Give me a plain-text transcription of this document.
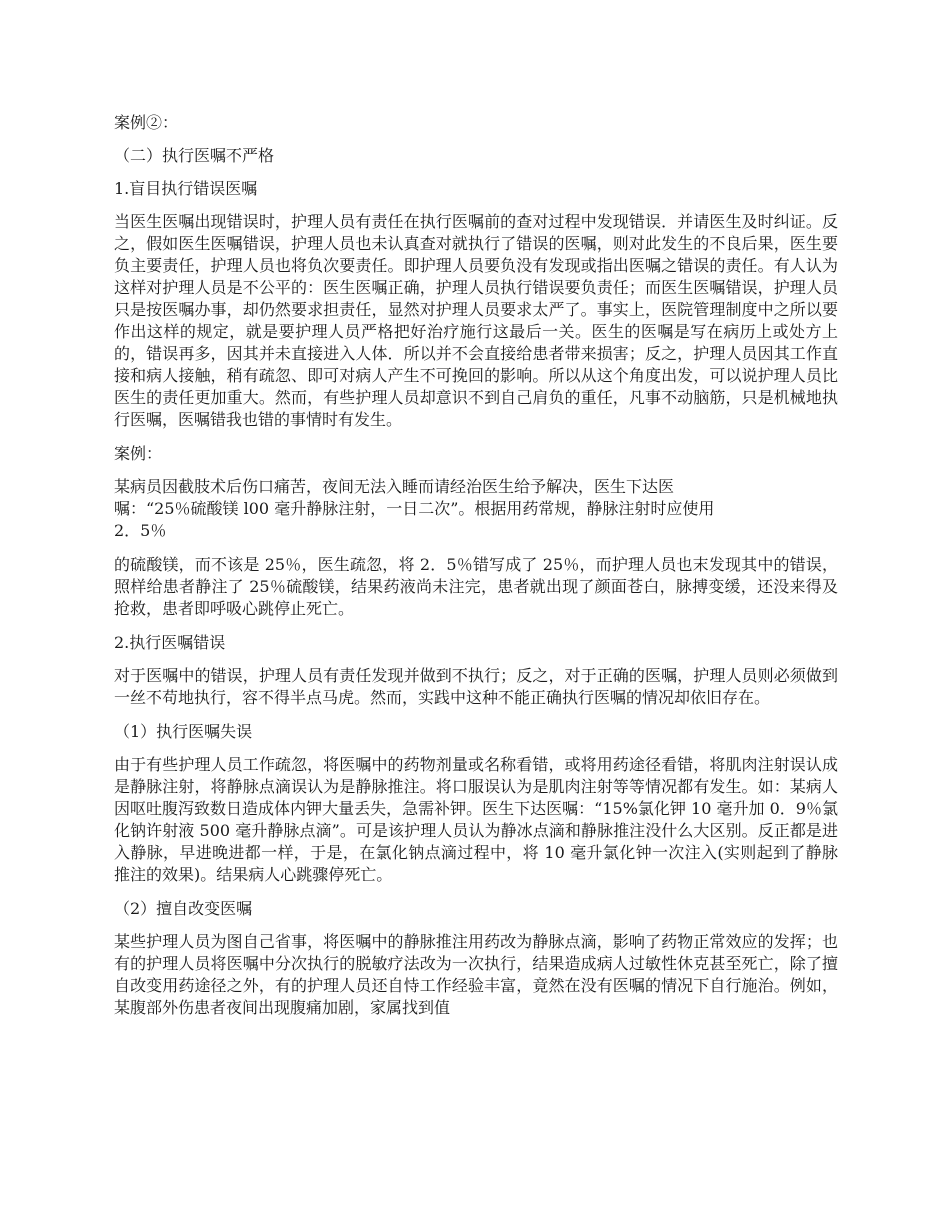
案例②：

（二）执行医嘱不严格

1.盲目执行错误医嘱

当医生医嘱出现错误时，护理人员有责任在执行医嘱前的查对过程中发现错误．并请医生及时纠证。反之，假如医生医嘱错误，护理人员也未认真查对就执行了错误的医嘱，则对此发生的不良后果，医生要负主要责任，护理人员也将负次要责任。即护理人员要负没有发现或指出医嘱之错误的责任。有人认为这样对护理人员是不公平的：医生医嘱正确，护理人员执行错误要负责任；而医生医嘱错误，护理人员只是按医嘱办事，却仍然要求担责任，显然对护理人员要求太严了。事实上，医院管理制度中之所以要作出这样的规定，就是要护理人员严格把好治疗施行这最后一关。医生的医嘱是写在病历上或处方上的，错误再多，因其并未直接进入人体．所以并不会直接给患者带来损害；反之，护理人员因其工作直接和病人接触，稍有疏忽、即可对病人产生不可挽回的影响。所以从这个角度出发，可以说护理人员比医生的责任更加重大。然而，有些护理人员却意识不到自己肩负的重任，凡事不动脑筋，只是机械地执行医嘱，医嘱错我也错的事情时有发生。

案例：

某病员因截肢术后伤口痛苦，夜间无法入睡而请经治医生给予解决，医生下达医
嘱：“25％硫酸镁 l00 毫升静脉注射，一日二次”。根据用药常规，静脉注射时应使用
2．5％

的硫酸镁，而不该是 25％，医生疏忽，将 2．5％错写成了 25％，而护理人员也末发现其中的错误，照样给患者静注了 25％硫酸镁，结果药液尚未注完，患者就出现了颜面苍白，脉搏变缓，还没来得及抢救，患者即呼吸心跳停止死亡。

2.执行医嘱错误

对于医嘱中的错误，护理人员有责任发现并做到不执行；反之，对于正确的医嘱，护理人员则必须做到一丝不苟地执行，容不得半点马虎。然而，实践中这种不能正确执行医嘱的情况却依旧存在。

（1）执行医嘱失误

由于有些护理人员工作疏忽，将医嘱中的药物剂量或名称看错，或将用药途径看错，将肌肉注射误认成是静脉注射，将静脉点滴误认为是静脉推注。将口服误认为是肌肉注射等等情况都有发生。如：某病人因呕吐腹泻致数日造成体内钾大量丢失，急需补钾。医生下达医嘱：“15%氯化钾 10 毫升加 0．9％氯化钠许射液 500 毫升静脉点滴”。可是该护理人员认为静冰点滴和静脉推注没什么大区别。反正都是进入静脉，早进晚进都一样，于是，在氯化钠点滴过程中，将 10 毫升氯化钟一次注入(实则起到了静脉推注的效果)。结果病人心跳骤停死亡。

（2）擅自改变医嘱

某些护理人员为图自己省事，将医嘱中的静脉推注用药改为静脉点滴，影响了药物正常效应的发挥；也有的护理人员将医嘱中分次执行的脱敏疗法改为一次执行，结果造成病人过敏性休克甚至死亡，除了擅自改变用药途径之外，有的护理人员还自恃工作经验丰富，竟然在没有医嘱的情况下自行施治。例如，某腹部外伤患者夜间出现腹痛加剧，家属找到值
